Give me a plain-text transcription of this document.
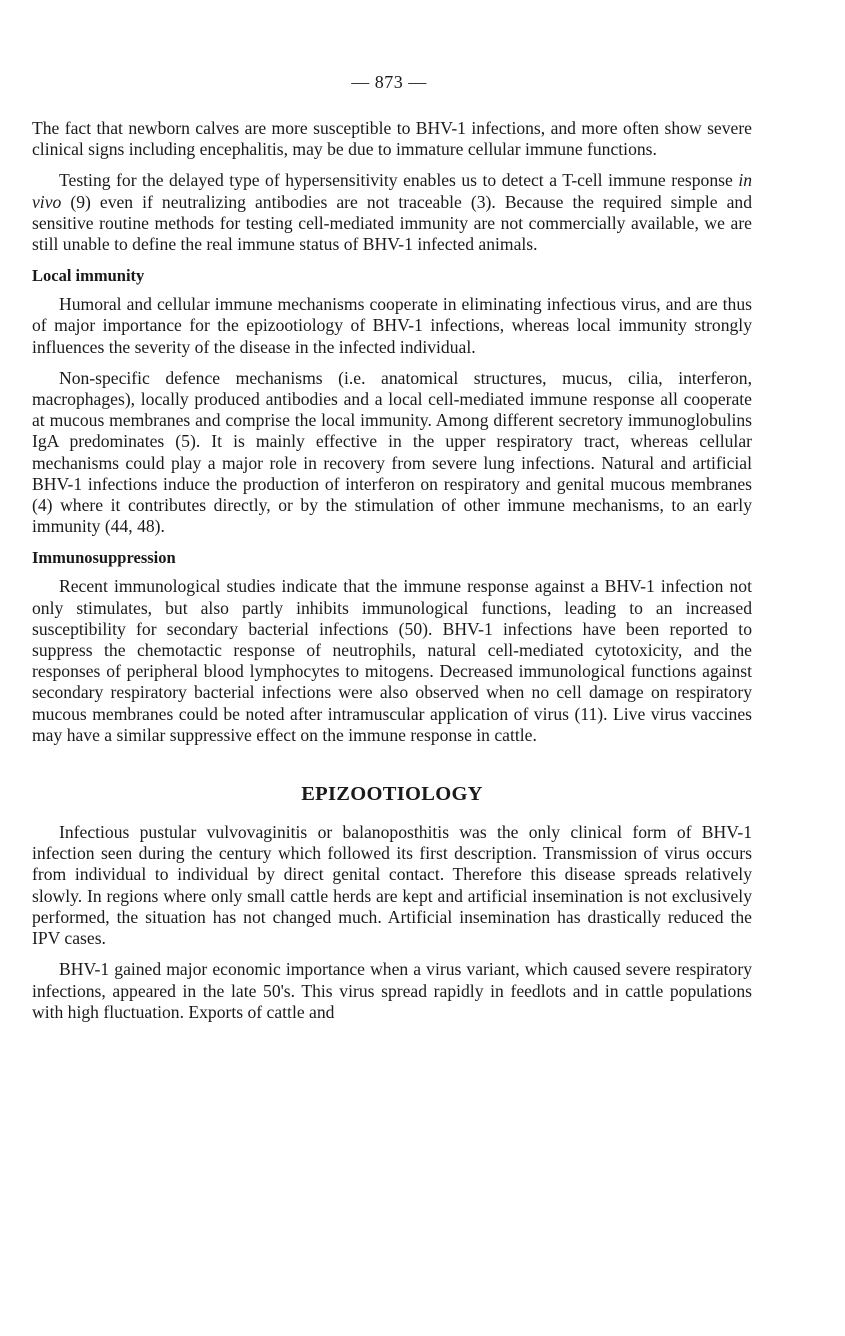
— 873 —

The fact that newborn calves are more susceptible to BHV-1 infections, and more often show severe clinical signs including encephalitis, may be due to immature cellular immune functions.

Testing for the delayed type of hypersensitivity enables us to detect a T-cell immune response in vivo (9) even if neutralizing antibodies are not traceable (3). Because the required simple and sensitive routine methods for testing cell-mediated immunity are not commercially available, we are still unable to define the real immune status of BHV-1 infected animals.

Local immunity

Humoral and cellular immune mechanisms cooperate in eliminating infectious virus, and are thus of major importance for the epizootiology of BHV-1 infections, whereas local immunity strongly influences the severity of the disease in the infected individual.

Non-specific defence mechanisms (i.e. anatomical structures, mucus, cilia, interferon, macrophages), locally produced antibodies and a local cell-mediated immune response all cooperate at mucous membranes and comprise the local immunity. Among different secretory immunoglobulins IgA predominates (5). It is mainly effective in the upper respiratory tract, whereas cellular mechanisms could play a major role in recovery from severe lung infections. Natural and artificial BHV-1 infections induce the production of interferon on respiratory and genital mucous membranes (4) where it contributes directly, or by the stimulation of other immune mechanisms, to an early immunity (44, 48).

Immunosuppression

Recent immunological studies indicate that the immune response against a BHV-1 infection not only stimulates, but also partly inhibits immunological functions, leading to an increased susceptibility for secondary bacterial infections (50). BHV-1 infections have been reported to suppress the chemotactic response of neutrophils, natural cell-mediated cytotoxicity, and the responses of peripheral blood lymphocytes to mitogens. Decreased immunological functions against secondary respiratory bacterial infections were also observed when no cell damage on respiratory mucous membranes could be noted after intramuscular application of virus (11). Live virus vaccines may have a similar suppressive effect on the immune response in cattle.

EPIZOOTIOLOGY

Infectious pustular vulvovaginitis or balanoposthitis was the only clinical form of BHV-1 infection seen during the century which followed its first description. Transmission of virus occurs from individual to individual by direct genital contact. Therefore this disease spreads relatively slowly. In regions where only small cattle herds are kept and artificial insemination is not exclusively performed, the situation has not changed much. Artificial insemination has drastically reduced the IPV cases.

BHV-1 gained major economic importance when a virus variant, which caused severe respiratory infections, appeared in the late 50's. This virus spread rapidly in feedlots and in cattle populations with high fluctuation. Exports of cattle and
